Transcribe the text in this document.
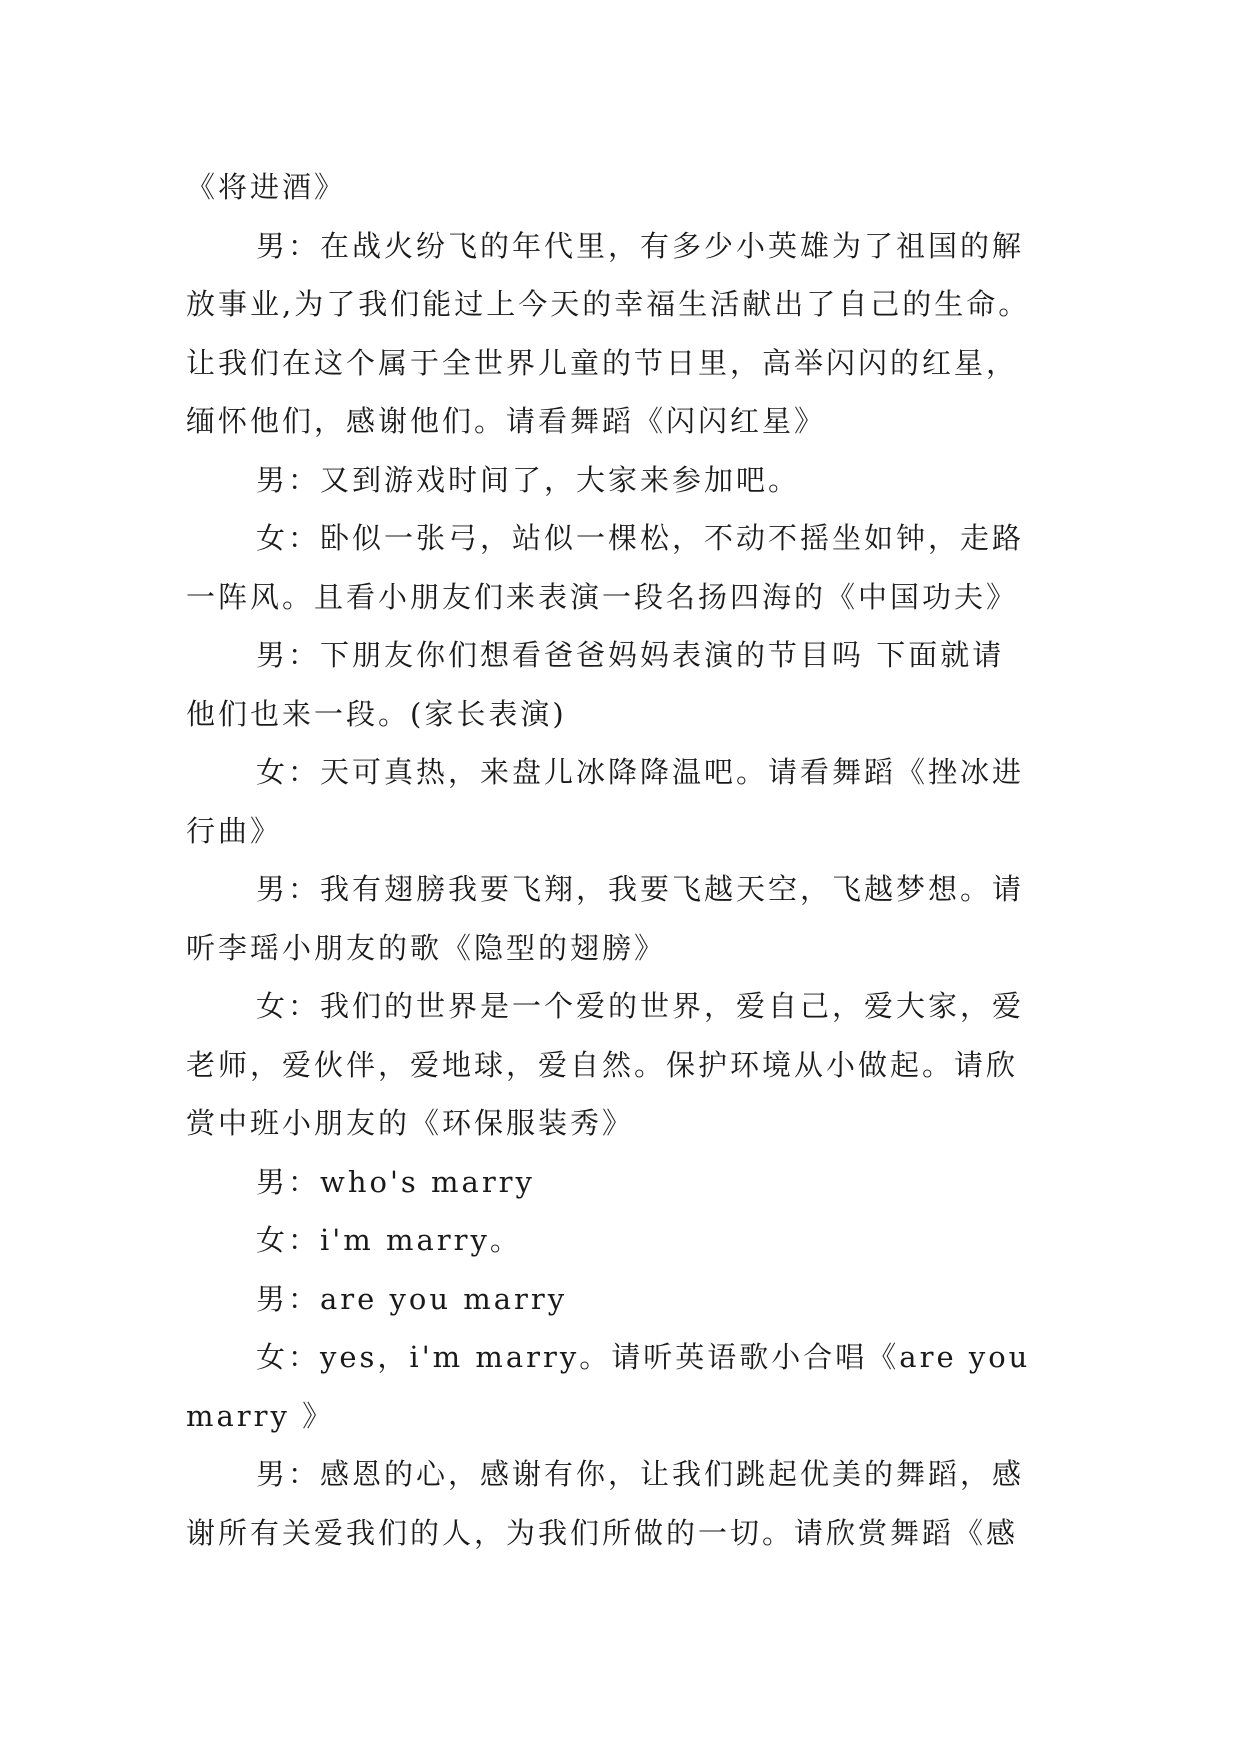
《将进酒》
男：在战火纷飞的年代里，有多少小英雄为了祖国的解
放事业,为了我们能过上今天的幸福生活献出了自己的生命。
让我们在这个属于全世界儿童的节日里，高举闪闪的红星，
缅怀他们，感谢他们。请看舞蹈《闪闪红星》
男：又到游戏时间了，大家来参加吧。
女：卧似一张弓，站似一棵松，不动不摇坐如钟，走路
一阵风。且看小朋友们来表演一段名扬四海的《中国功夫》
男：下朋友你们想看爸爸妈妈表演的节目吗 下面就请
他们也来一段。(家长表演)
女：天可真热，来盘儿冰降降温吧。请看舞蹈《挫冰进
行曲》
男：我有翅膀我要飞翔，我要飞越天空，飞越梦想。请
听李瑶小朋友的歌《隐型的翅膀》
女：我们的世界是一个爱的世界，爱自己，爱大家，爱
老师，爱伙伴，爱地球，爱自然。保护环境从小做起。请欣
赏中班小朋友的《环保服装秀》
男：who's marry
女：i'm marry。
男：are you marry
女：yes，i'm marry。请听英语歌小合唱《are you
marry 》
男：感恩的心，感谢有你，让我们跳起优美的舞蹈，感
谢所有关爱我们的人，为我们所做的一切。请欣赏舞蹈《感
